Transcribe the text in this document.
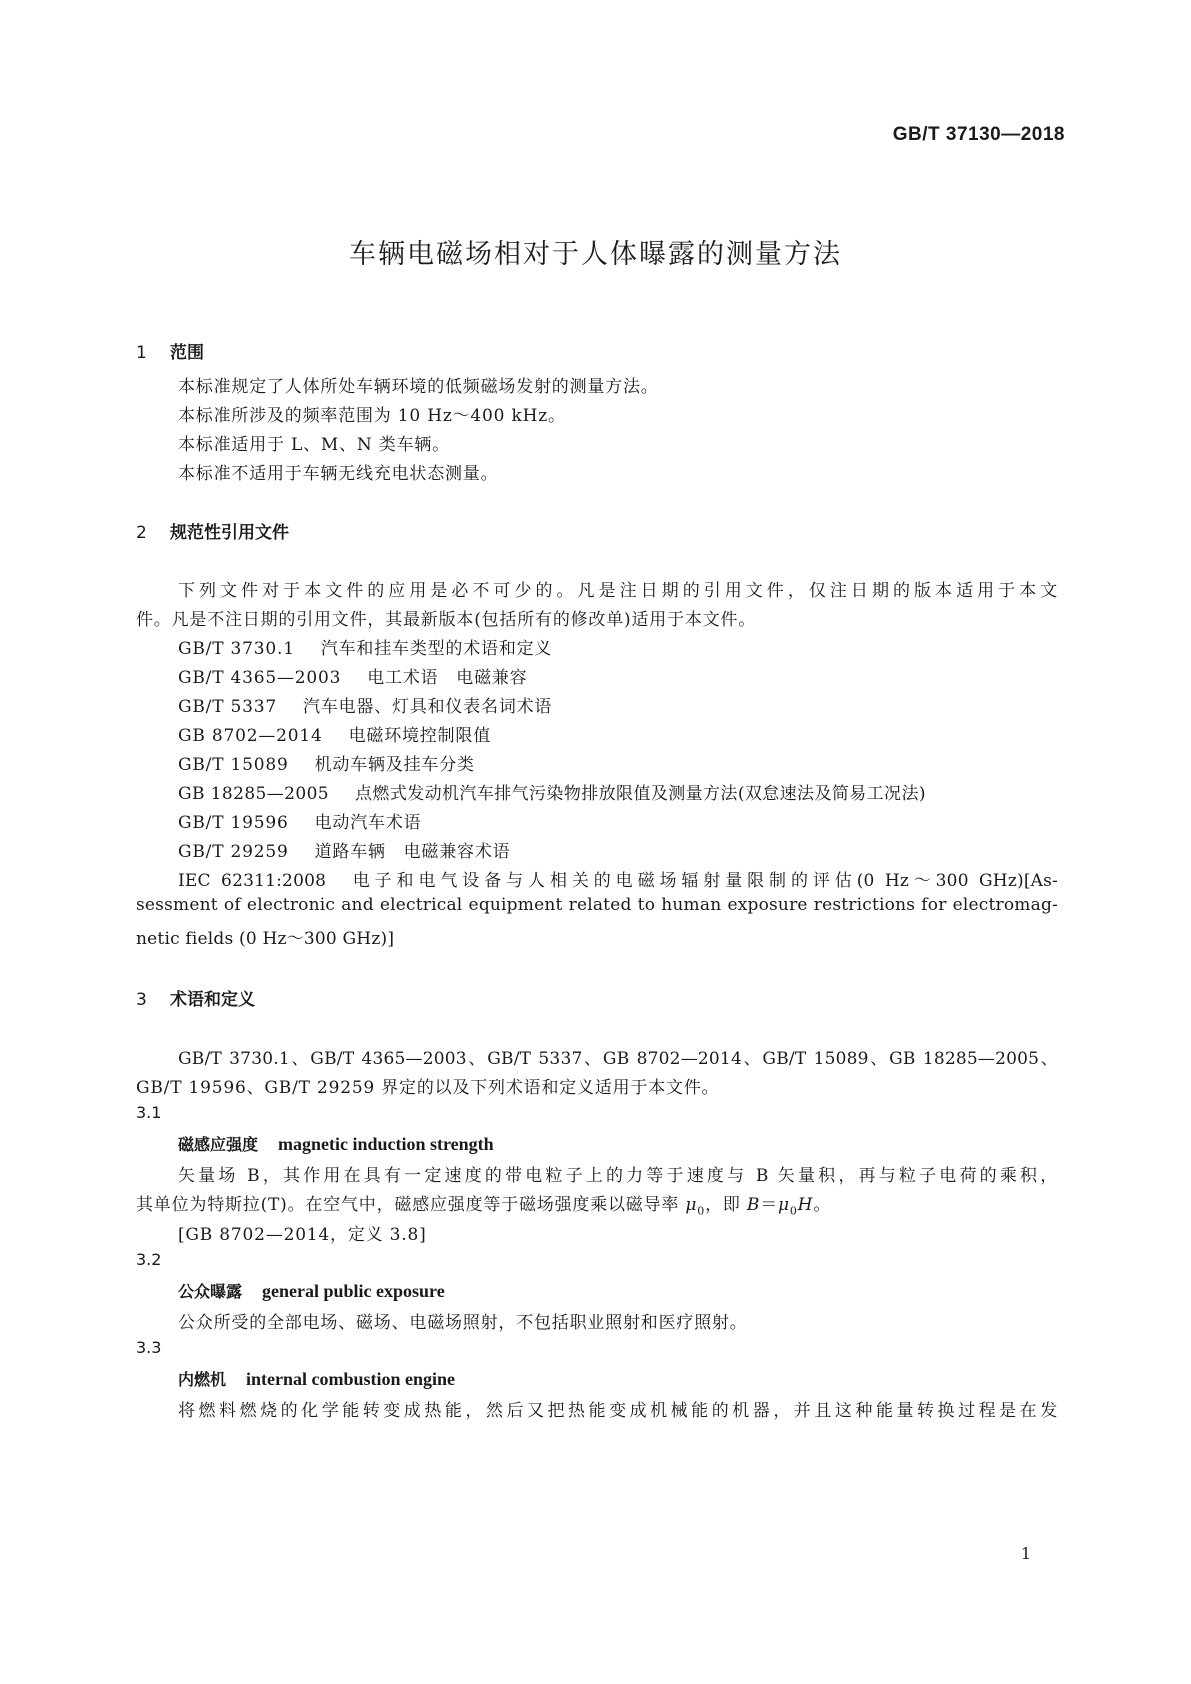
GB/T 37130—2018
车辆电磁场相对于人体曝露的测量方法
1 范围
本标准规定了人体所处车辆环境的低频磁场发射的测量方法。
本标准所涉及的频率范围为 10 Hz～400 kHz。
本标准适用于 L、M、N 类车辆。
本标准不适用于车辆无线充电状态测量。
2 规范性引用文件
下列文件对于本文件的应用是必不可少的。凡是注日期的引用文件，仅注日期的版本适用于本文
件。凡是不注日期的引用文件，其最新版本(包括所有的修改单)适用于本文件。
GB/T 3730.1 汽车和挂车类型的术语和定义
GB/T 4365—2003 电工术语　电磁兼容
GB/T 5337 汽车电器、灯具和仪表名词术语
GB 8702—2014 电磁环境控制限值
GB/T 15089 机动车辆及挂车分类
GB 18285—2005 点燃式发动机汽车排气污染物排放限值及测量方法(双怠速法及简易工况法)
GB/T 19596 电动汽车术语
GB/T 29259 道路车辆　电磁兼容术语
IEC 62311:2008　电子和电气设备与人相关的电磁场辐射量限制的评估(0 Hz～300 GHz)[As-
sessment of electronic and electrical equipment related to human exposure restrictions for electromag-
netic fields (0 Hz～300 GHz)]
3 术语和定义
GB/T 3730.1、GB/T 4365—2003、GB/T 5337、GB 8702—2014、GB/T 15089、GB 18285—2005、
GB/T 19596、GB/T 29259 界定的以及下列术语和定义适用于本文件。
3.1
磁感应强度 magnetic induction strength
矢量场 B，其作用在具有一定速度的带电粒子上的力等于速度与 B 矢量积，再与粒子电荷的乘积，
其单位为特斯拉(T)。在空气中，磁感应强度等于磁场强度乘以磁导率 $\mu_0$，即 $B=\mu_0H$。
[GB 8702—2014，定义 3.8]
3.2
公众曝露 general public exposure
公众所受的全部电场、磁场、电磁场照射，不包括职业照射和医疗照射。
3.3
内燃机 internal combustion engine
将燃料燃烧的化学能转变成热能，然后又把热能变成机械能的机器，并且这种能量转换过程是在发
1
